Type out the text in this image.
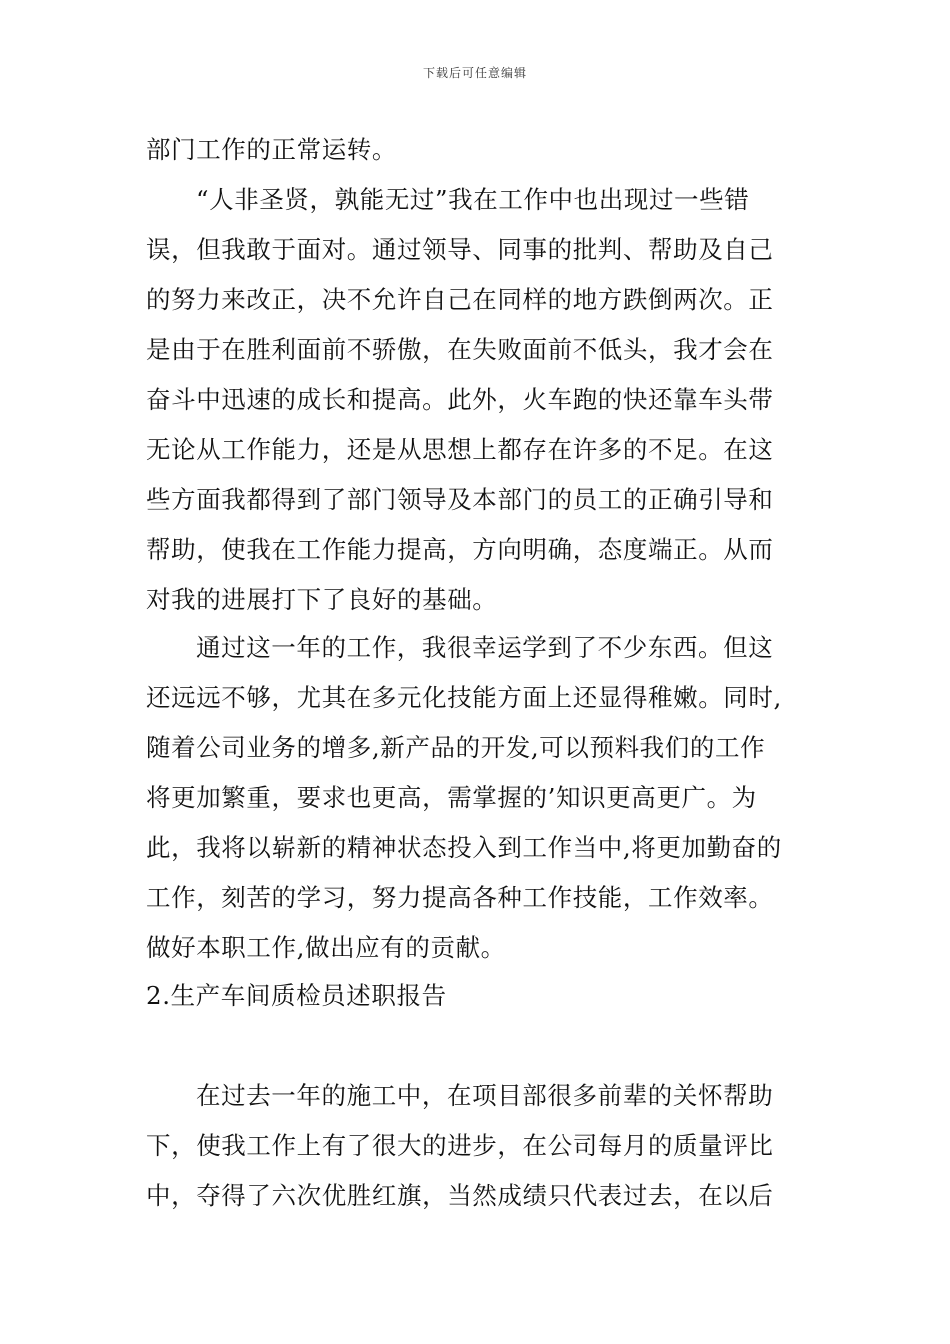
下载后可任意编辑
部门工作的正常运转。
“人非圣贤，孰能无过”我在工作中也出现过一些错
误，但我敢于面对。通过领导、同事的批判、帮助及自己
的努力来改正，决不允许自己在同样的地方跌倒两次。正
是由于在胜利面前不骄傲，在失败面前不低头，我才会在
奋斗中迅速的成长和提高。此外，火车跑的快还靠车头带
无论从工作能力，还是从思想上都存在许多的不足。在这
些方面我都得到了部门领导及本部门的员工的正确引导和
帮助，使我在工作能力提高，方向明确，态度端正。从而
对我的进展打下了良好的基础。
通过这一年的工作，我很幸运学到了不少东西。但这
还远远不够，尤其在多元化技能方面上还显得稚嫩。同时,
随着公司业务的增多,新产品的开发,可以预料我们的工作
将更加繁重，要求也更高，需掌握的’知识更高更广。为
此，我将以崭新的精神状态投入到工作当中,将更加勤奋的
工作，刻苦的学习，努力提高各种工作技能，工作效率。
做好本职工作,做出应有的贡献。
2.生产车间质检员述职报告
在过去一年的施工中，在项目部很多前辈的关怀帮助
下，使我工作上有了很大的进步，在公司每月的质量评比
中，夺得了六次优胜红旗，当然成绩只代表过去，在以后
